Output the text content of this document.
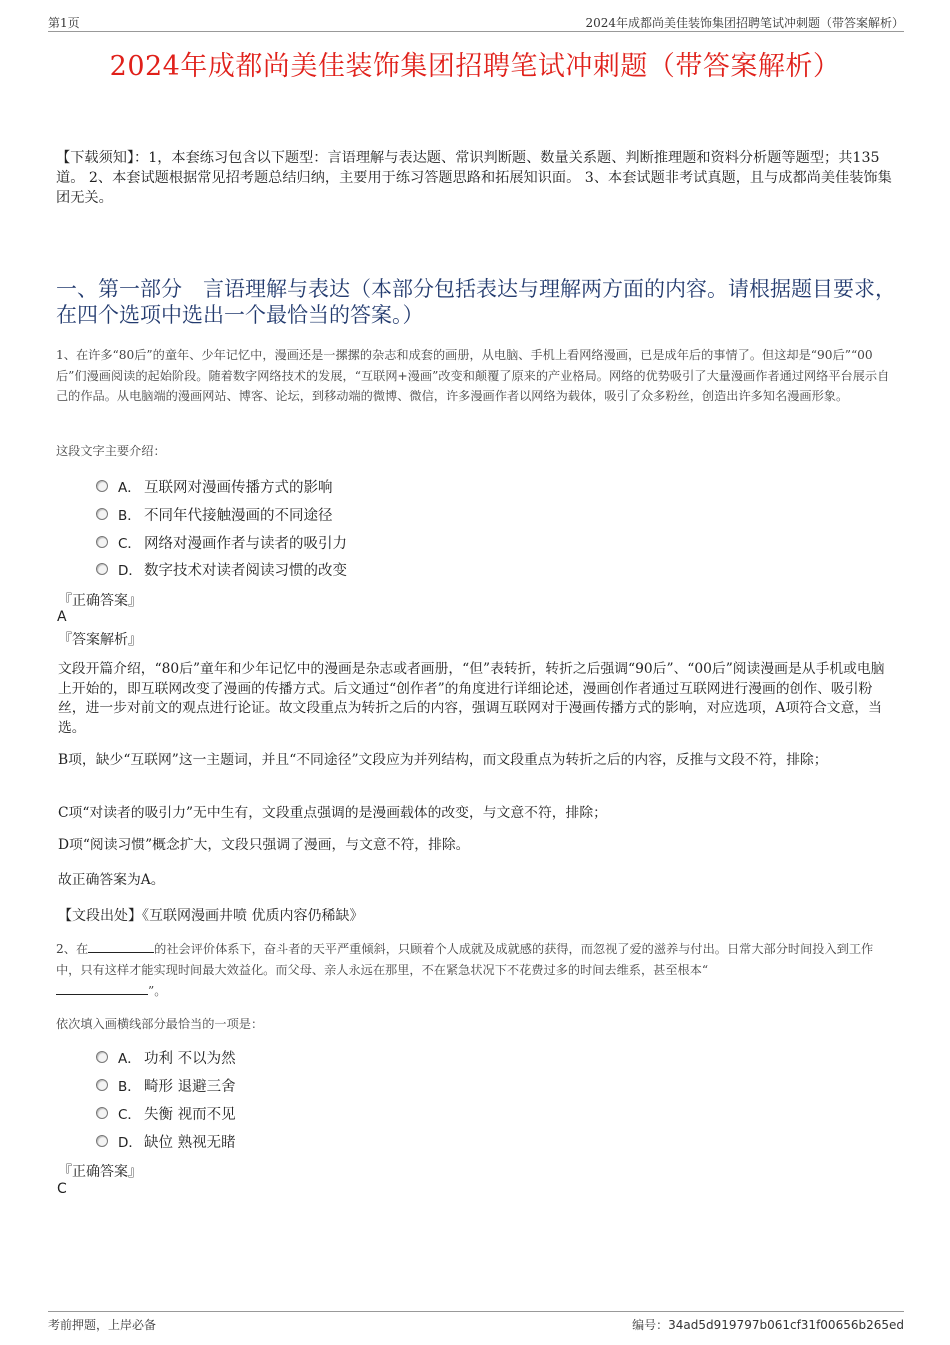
第1页	2024年成都尚美佳装饰集团招聘笔试冲刺题（带答案解析）
2024年成都尚美佳装饰集团招聘笔试冲刺题（带答案解析）
【下载须知】：1，本套练习包含以下题型：言语理解与表达题、常识判断题、数量关系题、判断推理题和资料分析题等题型；共135道。 2、本套试题根据常见招考题总结归纳，主要用于练习答题思路和拓展知识面。 3、本套试题非考试真题，且与成都尚美佳装饰集团无关。
一、第一部分　言语理解与表达（本部分包括表达与理解两方面的内容。请根据题目要求，在四个选项中选出一个最恰当的答案。）
1、在许多“80后”的童年、少年记忆中，漫画还是一摞摞的杂志和成套的画册，从电脑、手机上看网络漫画，已是成年后的事情了。但这却是“90后”“00后”们漫画阅读的起始阶段。随着数字网络技术的发展，“互联网+漫画”改变和颠覆了原来的产业格局。网络的优势吸引了大量漫画作者通过网络平台展示自己的作品。从电脑端的漫画网站、博客、论坛，到移动端的微博、微信，许多漫画作者以网络为载体，吸引了众多粉丝，创造出许多知名漫画形象。
这段文字主要介绍：
A． 互联网对漫画传播方式的影响
B． 不同年代接触漫画的不同途径
C． 网络对漫画作者与读者的吸引力
D． 数字技术对读者阅读习惯的改变
『正确答案』
A
『答案解析』
文段开篇介绍，“80后”童年和少年记忆中的漫画是杂志或者画册，“但”表转折，转折之后强调“90后”、“00后”阅读漫画是从手机或电脑上开始的，即互联网改变了漫画的传播方式。后文通过“创作者”的角度进行详细论述，漫画创作者通过互联网进行漫画的创作、吸引粉丝，进一步对前文的观点进行论证。故文段重点为转折之后的内容，强调互联网对于漫画传播方式的影响，对应选项，A项符合文意，当选。
B项，缺少“互联网”这一主题词，并且“不同途径”文段应为并列结构，而文段重点为转折之后的内容，反推与文段不符，排除；
C项“对读者的吸引力”无中生有，文段重点强调的是漫画载体的改变，与文意不符，排除；
D项“阅读习惯”概念扩大，文段只强调了漫画，与文意不符，排除。
故正确答案为A。
【文段出处】《互联网漫画井喷 优质内容仍稀缺》
2、在	的社会评价体系下，奋斗者的天平严重倾斜，只顾着个人成就及成就感的获得，而忽视了爱的滋养与付出。日常大部分时间投入到工作中，只有这样才能实现时间最大效益化。而父母、亲人永远在那里，不在紧急状况下不花费过多的时间去维系，甚至根本“
”。
依次填入画横线部分最恰当的一项是：
A． 功利 不以为然
B． 畸形 退避三舍
C． 失衡 视而不见
D． 缺位 熟视无睹
『正确答案』
C
考前押题，上岸必备	编号：34ad5d919797b061cf31f00656b265ed
